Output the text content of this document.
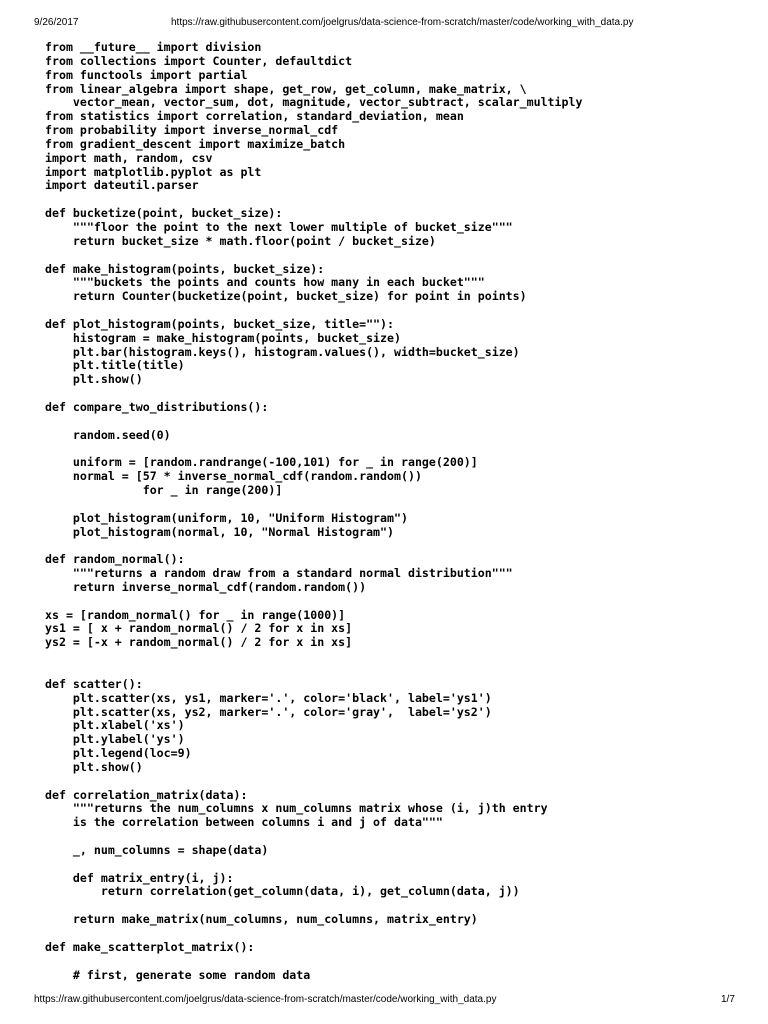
9/26/2017	https://raw.githubusercontent.com/joelgrus/data-science-from-scratch/master/code/working_with_data.py
from __future__ import division
from collections import Counter, defaultdict
from functools import partial
from linear_algebra import shape, get_row, get_column, make_matrix, \
vector_mean, vector_sum, dot, magnitude, vector_subtract, scalar_multiply
from statistics import correlation, standard_deviation, mean
from probability import inverse_normal_cdf
from gradient_descent import maximize_batch
import math, random, csv
import matplotlib.pyplot as plt
import dateutil.parser
def bucketize(point, bucket_size):
"""floor the point to the next lower multiple of bucket_size"""
return bucket_size * math.floor(point / bucket_size)
def make_histogram(points, bucket_size):
"""buckets the points and counts how many in each bucket"""
return Counter(bucketize(point, bucket_size) for point in points)
def plot_histogram(points, bucket_size, title=""):
histogram = make_histogram(points, bucket_size)
plt.bar(histogram.keys(), histogram.values(), width=bucket_size)
plt.title(title)
plt.show()
def compare_two_distributions():
random.seed(0)
uniform = [random.randrange(-100,101) for _ in range(200)]
normal = [57 * inverse_normal_cdf(random.random())
for _ in range(200)]
plot_histogram(uniform, 10, "Uniform Histogram")
plot_histogram(normal, 10, "Normal Histogram")
def random_normal():
"""returns a random draw from a standard normal distribution"""
return inverse_normal_cdf(random.random())
xs = [random_normal() for _ in range(1000)]
ys1 = [ x + random_normal() / 2 for x in xs]
ys2 = [-x + random_normal() / 2 for x in xs]
def scatter():
plt.scatter(xs, ys1, marker='.', color='black', label='ys1')
plt.scatter(xs, ys2, marker='.', color='gray',  label='ys2')
plt.xlabel('xs')
plt.ylabel('ys')
plt.legend(loc=9)
plt.show()
def correlation_matrix(data):
"""returns the num_columns x num_columns matrix whose (i, j)th entry
is the correlation between columns i and j of data"""
_, num_columns = shape(data)
def matrix_entry(i, j):
return correlation(get_column(data, i), get_column(data, j))
return make_matrix(num_columns, num_columns, matrix_entry)
def make_scatterplot_matrix():
# first, generate some random data
https://raw.githubusercontent.com/joelgrus/data-science-from-scratch/master/code/working_with_data.py	1/7
